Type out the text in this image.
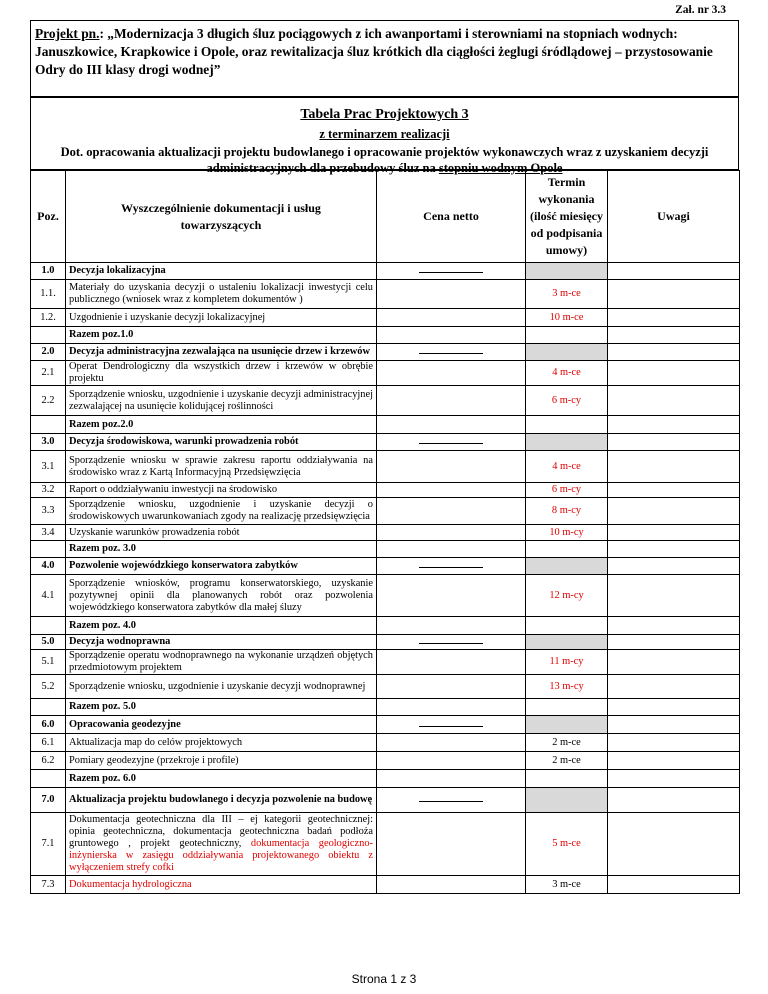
Zał. nr 3.3
Projekt pn.: „Modernizacja 3 długich śluz pociągowych z ich awanportami i sterowniami na stopniach wodnych: Januszkowice, Krapkowice i Opole, oraz rewitalizacja śluz krótkich dla ciągłości żeglugi śródlądowej – przystosowanie Odry do III klasy drogi wodnej”
Tabela Prac Projektowych 3
z terminarzem realizacji
Dot. opracowania aktualizacji projektu budowlanego i opracowanie projektów wykonawczych wraz z uzyskaniem decyzji administracyjnych dla przebudowy śluz na stopniu wodnym Opole
Poz.	Wyszczególnienie dokumentacji i usług towarzyszących	Cena netto	Termin wykonania (ilość miesięcy od podpisania umowy)	Uwagi
1.0	Decyzja lokalizacyjna			
1.1.	Materiały do uzyskania decyzji o ustaleniu lokalizacji inwestycji celu publicznego (wniosek wraz z kompletem dokumentów )		3 m-ce	
1.2.	Uzgodnienie i uzyskanie decyzji lokalizacyjnej		10 m-ce	
	Razem poz.1.0			
2.0	Decyzja administracyjna zezwalająca na usunięcie drzew i krzewów			
2.1	Operat Dendrologiczny dla wszystkich drzew i krzewów w obrębie projektu		4 m-ce	
2.2	Sporządzenie wniosku, uzgodnienie i uzyskanie decyzji administracyjnej zezwalającej na usunięcie kolidującej roślinności		6 m-cy	
	Razem poz.2.0			
3.0	Decyzja środowiskowa, warunki prowadzenia robót			
3.1	Sporządzenie wniosku w sprawie zakresu raportu oddziaływania na środowisko wraz z Kartą Informacyjną Przedsięwzięcia		4 m-ce	
3.2	Raport o oddziaływaniu inwestycji na środowisko		6 m-cy	
3.3	Sporządzenie wniosku, uzgodnienie i uzyskanie decyzji o środowiskowych uwarunkowaniach zgody na realizację przedsięwzięcia		8 m-cy	
3.4	Uzyskanie warunków prowadzenia robót		10 m-cy	
	Razem poz. 3.0			
4.0	Pozwolenie wojewódzkiego konserwatora zabytków			
4.1	Sporządzenie wniosków, programu konserwatorskiego, uzyskanie pozytywnej opinii dla planowanych robót oraz pozwolenia wojewódzkiego konserwatora zabytków dla małej śluzy		12 m-cy	
	Razem poz. 4.0			
5.0	Decyzja wodnoprawna			
5.1	Sporządzenie operatu wodnoprawnego na wykonanie urządzeń objętych przedmiotowym projektem		11 m-cy	
5.2	Sporządzenie wniosku, uzgodnienie i uzyskanie decyzji wodnoprawnej		13 m-cy	
	Razem poz. 5.0			
6.0	Opracowania geodezyjne			
6.1	Aktualizacja map do celów projektowych		2 m-ce	
6.2	Pomiary geodezyjne (przekroje i profile)		2 m-ce	
	Razem poz. 6.0			
7.0	Aktualizacja projektu budowlanego i decyzja pozwolenie na budowę			
7.1	Dokumentacja geotechniczna dla III – ej kategorii geotechnicznej: opinia geotechniczna, dokumentacja geotechniczna badań podłoża gruntowego , projekt geotechniczny, dokumentacja geologiczno-inżynierska w zasięgu oddziaływania projektowanego obiektu z wyłączeniem strefy cofki		5 m-ce	
7.3	Dokumentacja hydrologiczna		3 m-ce	
Strona 1 z 3
